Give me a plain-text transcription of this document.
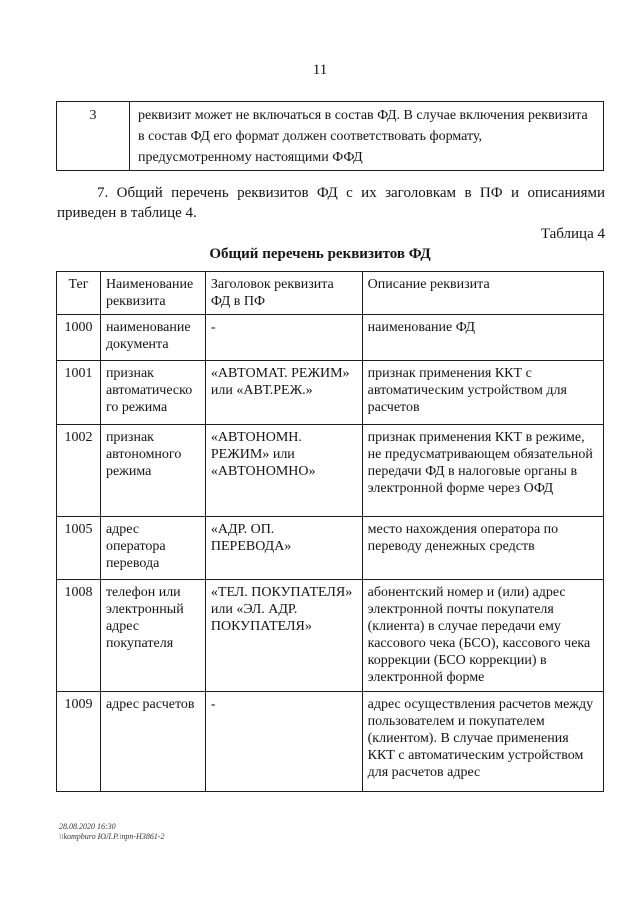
11
3	реквизит может не включаться в состав ФД. В случае включения реквизита в состав ФД его формат должен соответствовать формату, предусмотренному настоящими ФФД

7. Общий перечень реквизитов ФД с их заголовкам в ПФ и описаниями приведен в таблице 4.

Таблица 4
Общий перечень реквизитов ФД
Тег	Наименование реквизита	Заголовок реквизита ФД в ПФ	Описание реквизита
1000	наименование документа	-	наименование ФД
1001	признак автоматическо го режима	«АВТОМАТ. РЕЖИМ» или «АВТ.РЕЖ.»	признак применения ККТ с автоматическим устройством для расчетов
1002	признак автономного режима	«АВТОНОМН. РЕЖИМ» или «АВТОНОМНО»	признак применения ККТ в режиме, не предусматривающем обязательной передачи ФД в налоговые органы в электронной форме через ОФД
1005	адрес оператора перевода	«АДР. ОП. ПЕРЕВОДА»	место нахождения оператора по переводу денежных средств
1008	телефон или электронный адрес покупателя	«ТЕЛ. ПОКУПАТЕЛЯ» или «ЭЛ. АДР. ПОКУПАТЕЛЯ»	абонентский номер и (или) адрес электронной почты покупателя (клиента) в случае передачи ему кассового чека (БСО), кассового чека коррекции (БСО коррекции) в электронной форме
1009	адрес расчетов	-	адрес осуществления расчетов между пользователем и покупателем (клиентом). В случае применения ККТ с автоматическим устройством для расчетов адрес
28.08.2020 16:30
\\kompburo ЮЛ.Р.\npn-H3861-2
